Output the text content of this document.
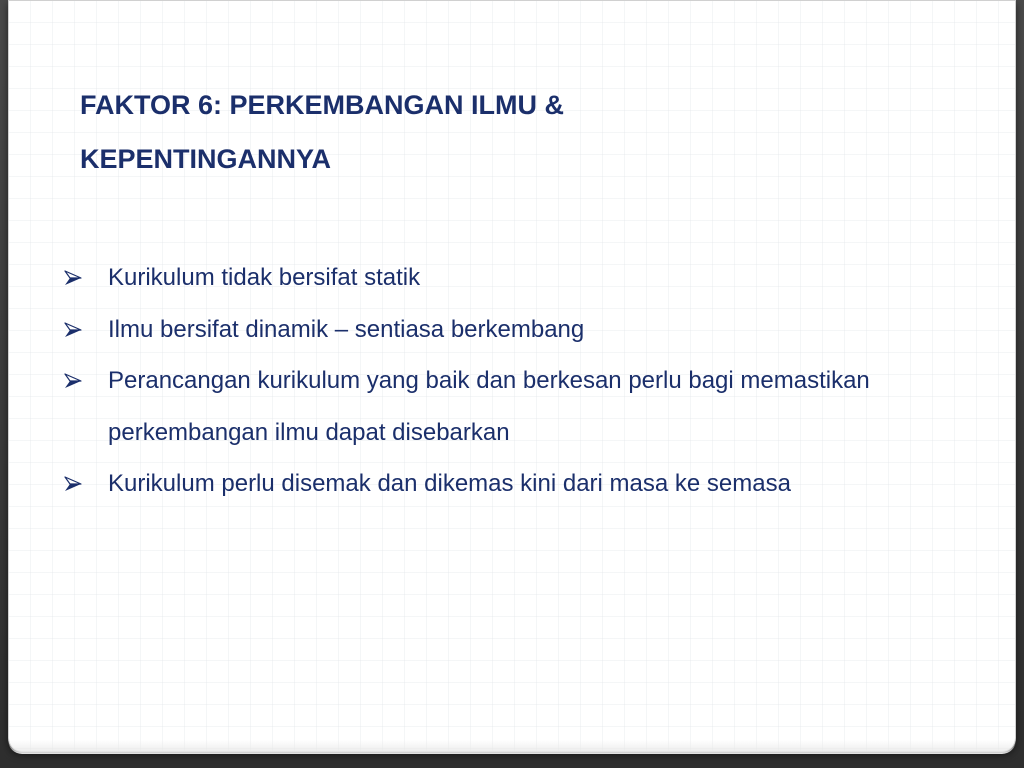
FAKTOR 6: PERKEMBANGAN ILMU & KEPENTINGANNYA
Kurikulum tidak bersifat statik
Ilmu bersifat dinamik – sentiasa berkembang
Perancangan kurikulum yang baik dan berkesan perlu bagi memastikan perkembangan ilmu dapat disebarkan
Kurikulum perlu disemak dan dikemas kini dari masa ke semasa
